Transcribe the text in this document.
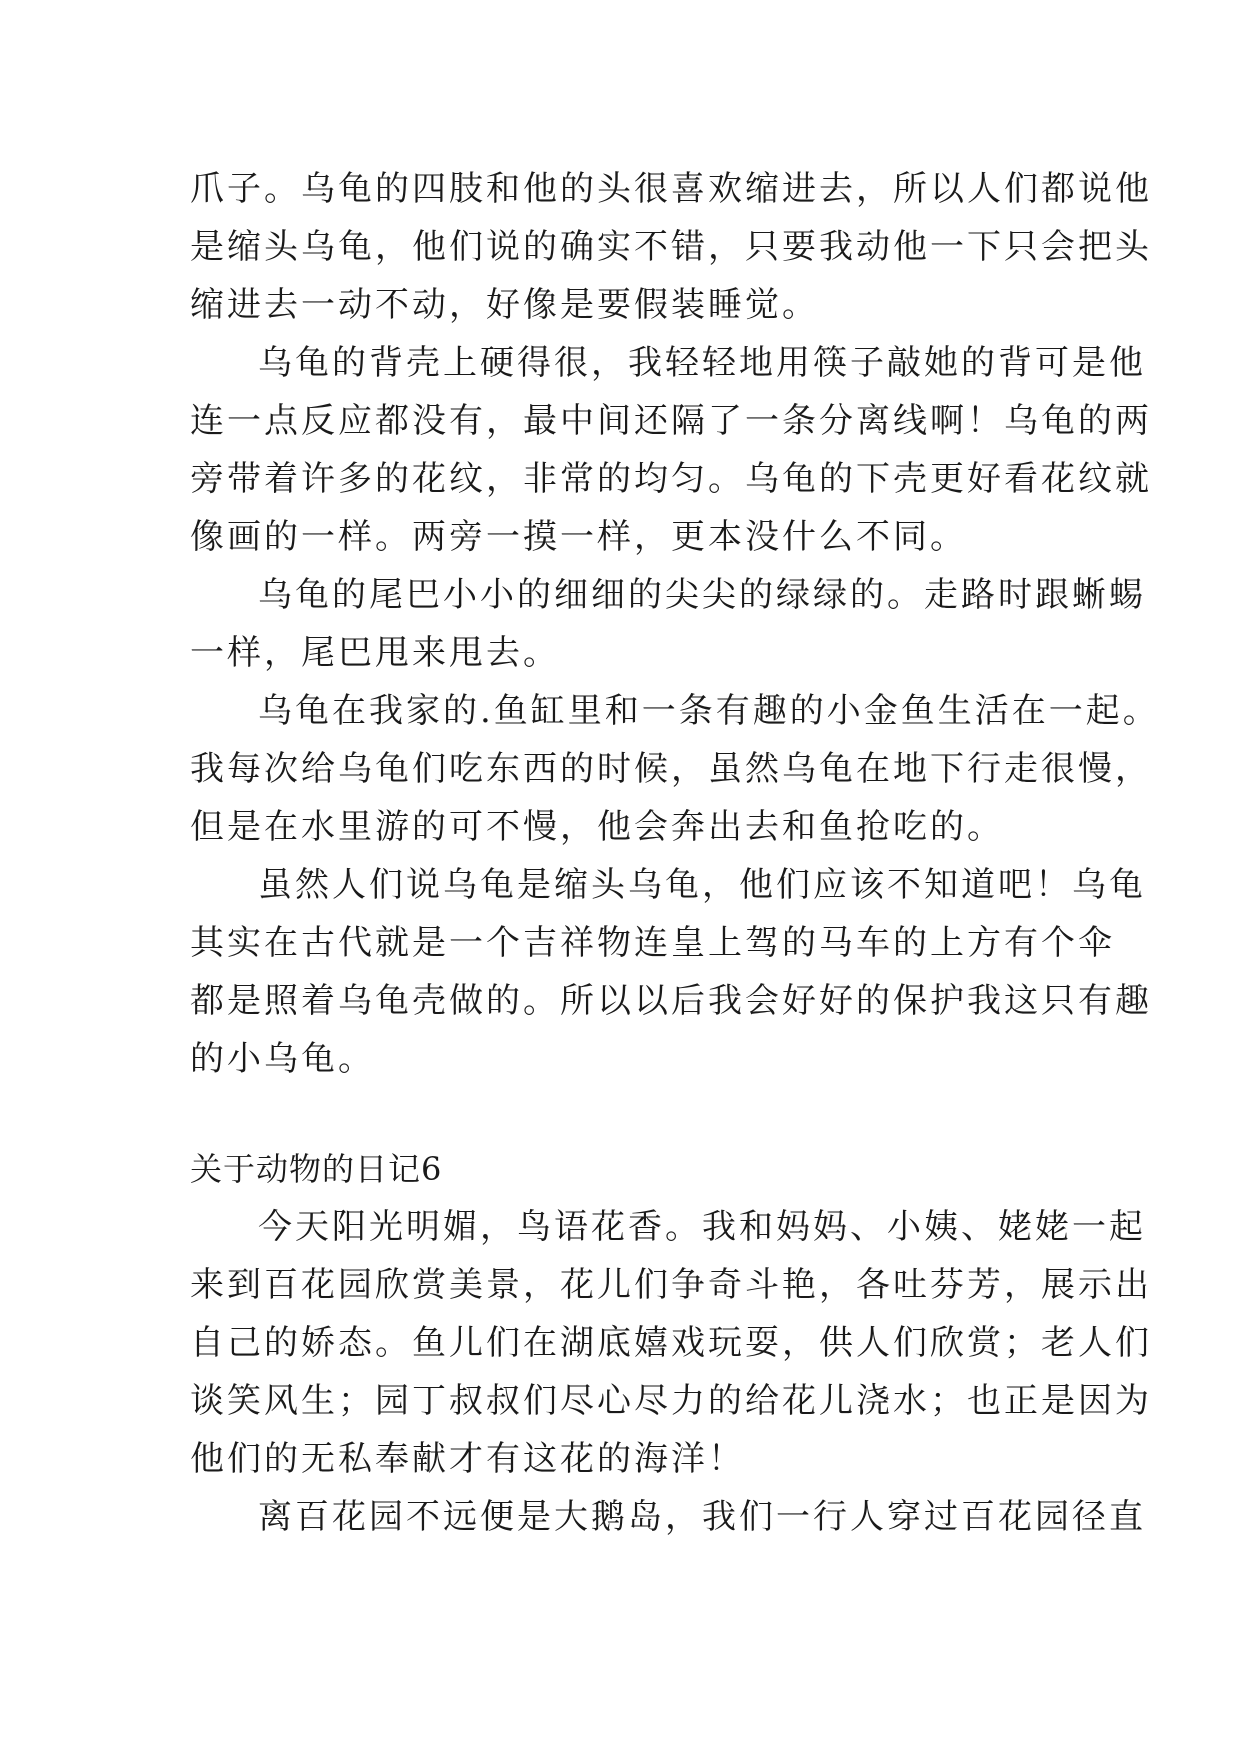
爪子。乌龟的四肢和他的头很喜欢缩进去，所以人们都说他
是缩头乌龟，他们说的确实不错，只要我动他一下只会把头
缩进去一动不动，好像是要假装睡觉。
乌龟的背壳上硬得很，我轻轻地用筷子敲她的背可是他
连一点反应都没有，最中间还隔了一条分离线啊！乌龟的两
旁带着许多的花纹，非常的均匀。乌龟的下壳更好看花纹就
像画的一样。两旁一摸一样，更本没什么不同。
乌龟的尾巴小小的细细的尖尖的绿绿的。走路时跟蜥蜴
一样，尾巴甩来甩去。
乌龟在我家的.鱼缸里和一条有趣的小金鱼生活在一起。
我每次给乌龟们吃东西的时候，虽然乌龟在地下行走很慢，
但是在水里游的可不慢，他会奔出去和鱼抢吃的。
虽然人们说乌龟是缩头乌龟，他们应该不知道吧！乌龟
其实在古代就是一个吉祥物连皇上驾的马车的上方有个伞
都是照着乌龟壳做的。所以以后我会好好的保护我这只有趣
的小乌龟。
关于动物的日记6
今天阳光明媚，鸟语花香。我和妈妈、小姨、姥姥一起
来到百花园欣赏美景，花儿们争奇斗艳，各吐芬芳，展示出
自己的娇态。鱼儿们在湖底嬉戏玩耍，供人们欣赏；老人们
谈笑风生；园丁叔叔们尽心尽力的给花儿浇水；也正是因为
他们的无私奉献才有这花的海洋！
离百花园不远便是大鹅岛，我们一行人穿过百花园径直
